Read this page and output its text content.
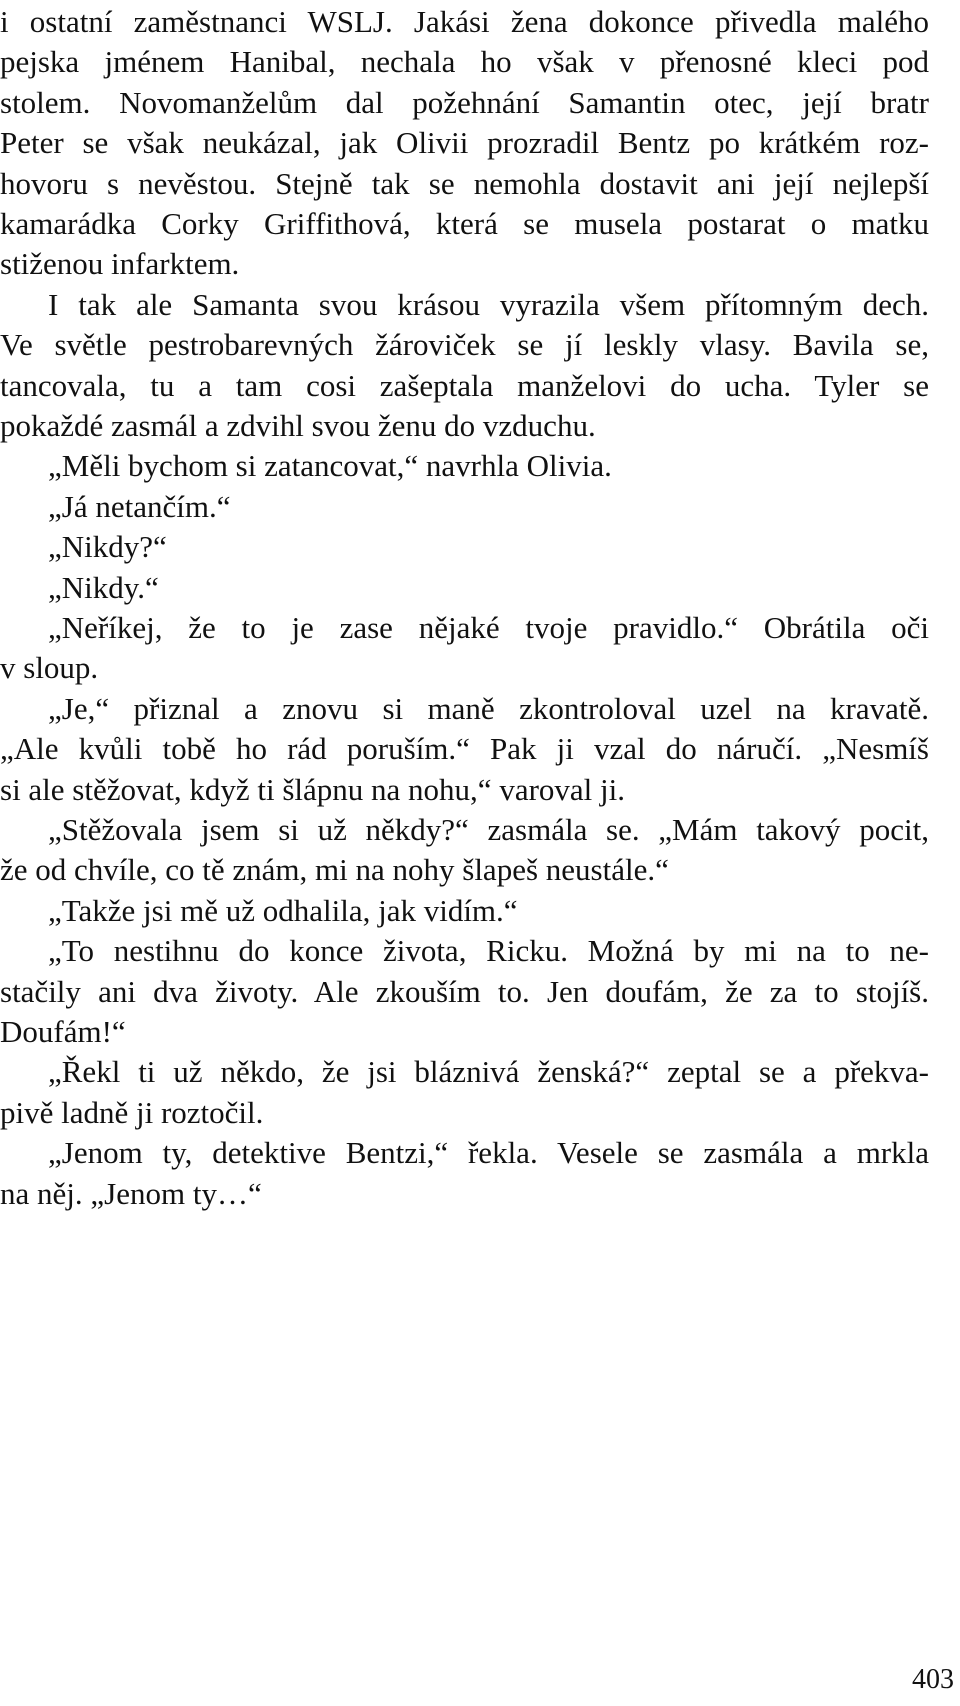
i ostatní zaměstnanci WSLJ. Jakási žena dokonce přivedla malého
pejska jménem Hanibal, nechala ho však v přenosné kleci pod
stolem. Novomanželům dal požehnání Samantin otec, její bratr
Peter se však neukázal, jak Olivii prozradil Bentz po krátkém roz-
hovoru s nevěstou. Stejně tak se nemohla dostavit ani její nejlepší
kamarádka Corky Griffithová, která se musela postarat o matku
stiženou infarktem.
I tak ale Samanta svou krásou vyrazila všem přítomným dech.
Ve světle pestrobarevných žároviček se jí leskly vlasy. Bavila se,
tancovala, tu a tam cosi zašeptala manželovi do ucha. Tyler se
pokaždé zasmál a zdvihl svou ženu do vzduchu.
„Měli bychom si zatancovat,“ navrhla Olivia.
„Já netančím.“
„Nikdy?“
„Nikdy.“
„Neříkej, že to je zase nějaké tvoje pravidlo.“ Obrátila oči
v sloup.
„Je,“ přiznal a znovu si maně zkontroloval uzel na kravatě.
„Ale kvůli tobě ho rád poruším.“ Pak ji vzal do náručí. „Nesmíš
si ale stěžovat, když ti šlápnu na nohu,“ varoval ji.
„Stěžovala jsem si už někdy?“ zasmála se. „Mám takový pocit,
že od chvíle, co tě znám, mi na nohy šlapeš neustále.“
„Takže jsi mě už odhalila, jak vidím.“
„To nestihnu do konce života, Ricku. Možná by mi na to ne-
stačily ani dva životy. Ale zkouším to. Jen doufám, že za to stojíš.
Doufám!“
„Řekl ti už někdo, že jsi bláznivá ženská?“ zeptal se a překva-
pivě ladně ji roztočil.
„Jenom ty, detektive Bentzi,“ řekla. Vesele se zasmála a mrkla
na něj. „Jenom ty…“
403
